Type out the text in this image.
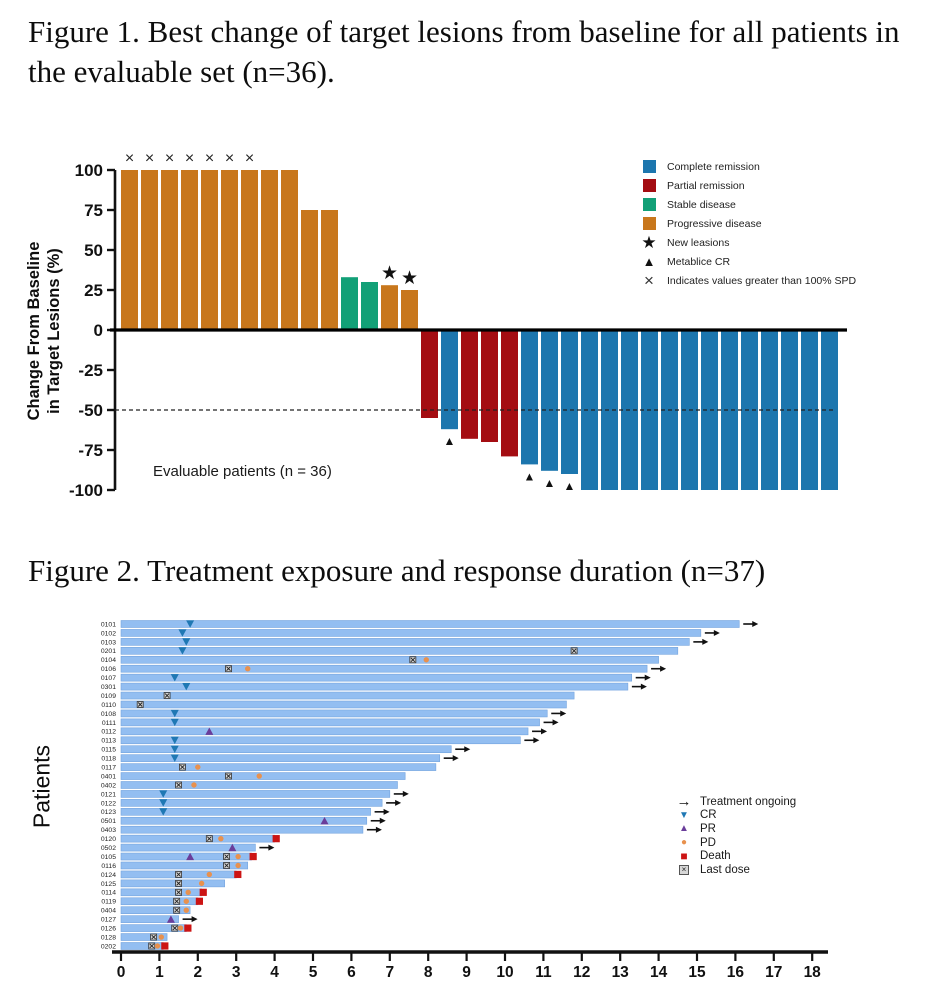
Figure 1. Best change of target lesions from baseline for all patients in the evaluable set (n=36).
100
75
50
25
0
-25
-50
-75
-100
× × × × × × ×
★ ★
▲
▲ ▲ ▲
Change From Baseline in Target Lesions (%)
Evaluable patients (n = 36)
Complete remission
Partial remission
Stable disease
Progressive disease
★ New leasions
▲ Metablice CR
× Indicates values greater than 100% SPD
Figure 2. Treatment exposure and response duration (n=37)
0101
0102
0103
0201
0104
0106
0107
0301
0109
0110
0108
0111
0112
0113
0115
0118
0117
0401
0402
0121
0122
0123
0501
0403
0120
0502
0105
0116
0124
0125
0114
0119
0404
0127
0126
0128
0202
0 1 2 3 4 5 6 7 8 9 10 11 12 13 14 15 16 17 18
Patients	→ Treatment ongoing
▼ CR
▲ PR
●	PD
■	Death
× Last dose
